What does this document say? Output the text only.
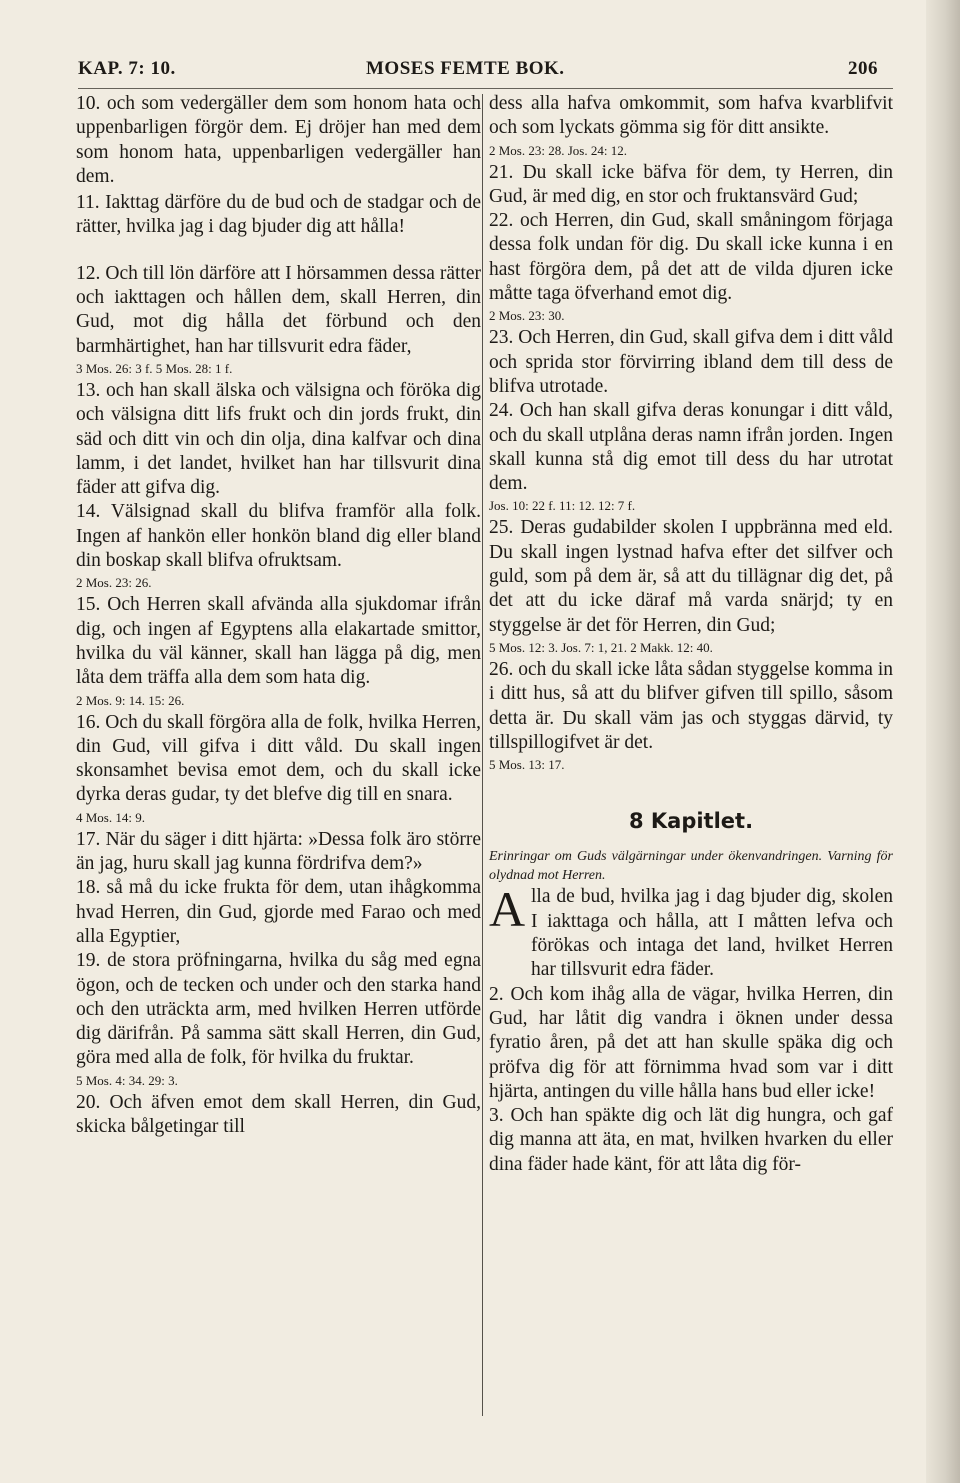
KAP. 7: 10.	MOSES FEMTE BOK.	206

10. och som vedergäller dem som honom hata och uppenbarligen förgör dem. Ej dröjer han med dem som honom hata, uppenbarligen vedergäller han dem.

11. Iakttag därföre du de bud och de stadgar och de rätter, hvilka jag i dag bjuder dig att hålla!

12. Och till lön därföre att I hörsammen dessa rätter och iakttagen och hållen dem, skall Herren, din Gud, mot dig hålla det förbund och den barmhärtighet, han har tillsvurit edra fäder,

3 Mos. 26: 3 f. 5 Mos. 28: 1 f.

13. och han skall älska och välsigna och föröka dig och välsigna ditt lifs frukt och din jords frukt, din säd och ditt vin och din olja, dina kalfvar och dina lamm, i det landet, hvilket han har tillsvurit dina fäder att gifva dig.

14. Välsignad skall du blifva framför alla folk. Ingen af hankön eller honkön bland dig eller bland din boskap skall blifva ofruktsam.

2 Mos. 23: 26.

15. Och Herren skall afvända alla sjukdomar ifrån dig, och ingen af Egyptens alla elakartade smittor, hvilka du väl känner, skall han lägga på dig, men låta dem träffa alla dem som hata dig.

2 Mos. 9: 14. 15: 26.

16. Och du skall förgöra alla de folk, hvilka Herren, din Gud, vill gifva i ditt våld. Du skall ingen skonsamhet bevisa emot dem, och du skall icke dyrka deras gudar, ty det blefve dig till en snara.

4 Mos. 14: 9.

17. När du säger i ditt hjärta: »Dessa folk äro större än jag, huru skall jag kunna fördrifva dem?»

18. så må du icke frukta för dem, utan ihågkomma hvad Herren, din Gud, gjorde med Farao och med alla Egyptier,

19. de stora pröfningarna, hvilka du såg med egna ögon, och de tecken och under och den starka hand och den uträckta arm, med hvilken Herren utförde dig därifrån. På samma sätt skall Herren, din Gud, göra med alla de folk, för hvilka du fruktar.

5 Mos. 4: 34. 29: 3.

20. Och äfven emot dem skall Herren, din Gud, skicka bålgetingar till

dess alla hafva omkommit, som hafva kvarblifvit och som lyckats gömma sig för ditt ansikte.

2 Mos. 23: 28. Jos. 24: 12.

21. Du skall icke bäfva för dem, ty Herren, din Gud, är med dig, en stor och fruktansvärd Gud;

22. och Herren, din Gud, skall småningom förjaga dessa folk undan för dig. Du skall icke kunna i en hast förgöra dem, på det att de vilda djuren icke måtte taga öfverhand emot dig.

2 Mos. 23: 30.

23. Och Herren, din Gud, skall gifva dem i ditt våld och sprida stor förvirring ibland dem till dess de blifva utrotade.

24. Och han skall gifva deras konungar i ditt våld, och du skall utplåna deras namn ifrån jorden. Ingen skall kunna stå dig emot till dess du har utrotat dem.

Jos. 10: 22 f. 11: 12. 12: 7 f.

25. Deras gudabilder skolen I uppbränna med eld. Du skall ingen lystnad hafva efter det silfver och guld, som på dem är, så att du tillägnar dig det, på det att du icke däraf må varda snärjd; ty en styggelse är det för Herren, din Gud;

5 Mos. 12: 3. Jos. 7: 1, 21. 2 Makk. 12: 40.

26. och du skall icke låta sådan styggelse komma in i ditt hus, så att du blifver gifven till spillo, såsom detta är. Du skall väm jas och styggas därvid, ty tillspillogifvet är det.

5 Mos. 13: 17.

8 Kapitlet.

Erinringar om Guds välgärningar under ökenvandringen. Varning för olydnad mot Herren.

A lla de bud, hvilka jag i dag bjuder dig, skolen I iakttaga och hålla, att I måtten lefva och förökas och intaga det land, hvilket Herren har tillsvurit edra fäder.

2. Och kom ihåg alla de vägar, hvilka Herren, din Gud, har låtit dig vandra i öknen under dessa fyratio åren, på det att han skulle späka dig och pröfva dig för att förnimma hvad som var i ditt hjärta, antingen du ville hålla hans bud eller icke!

3. Och han späkte dig och lät dig hungra, och gaf dig manna att äta, en mat, hvilken hvarken du eller dina fäder hade känt, för att låta dig för-
